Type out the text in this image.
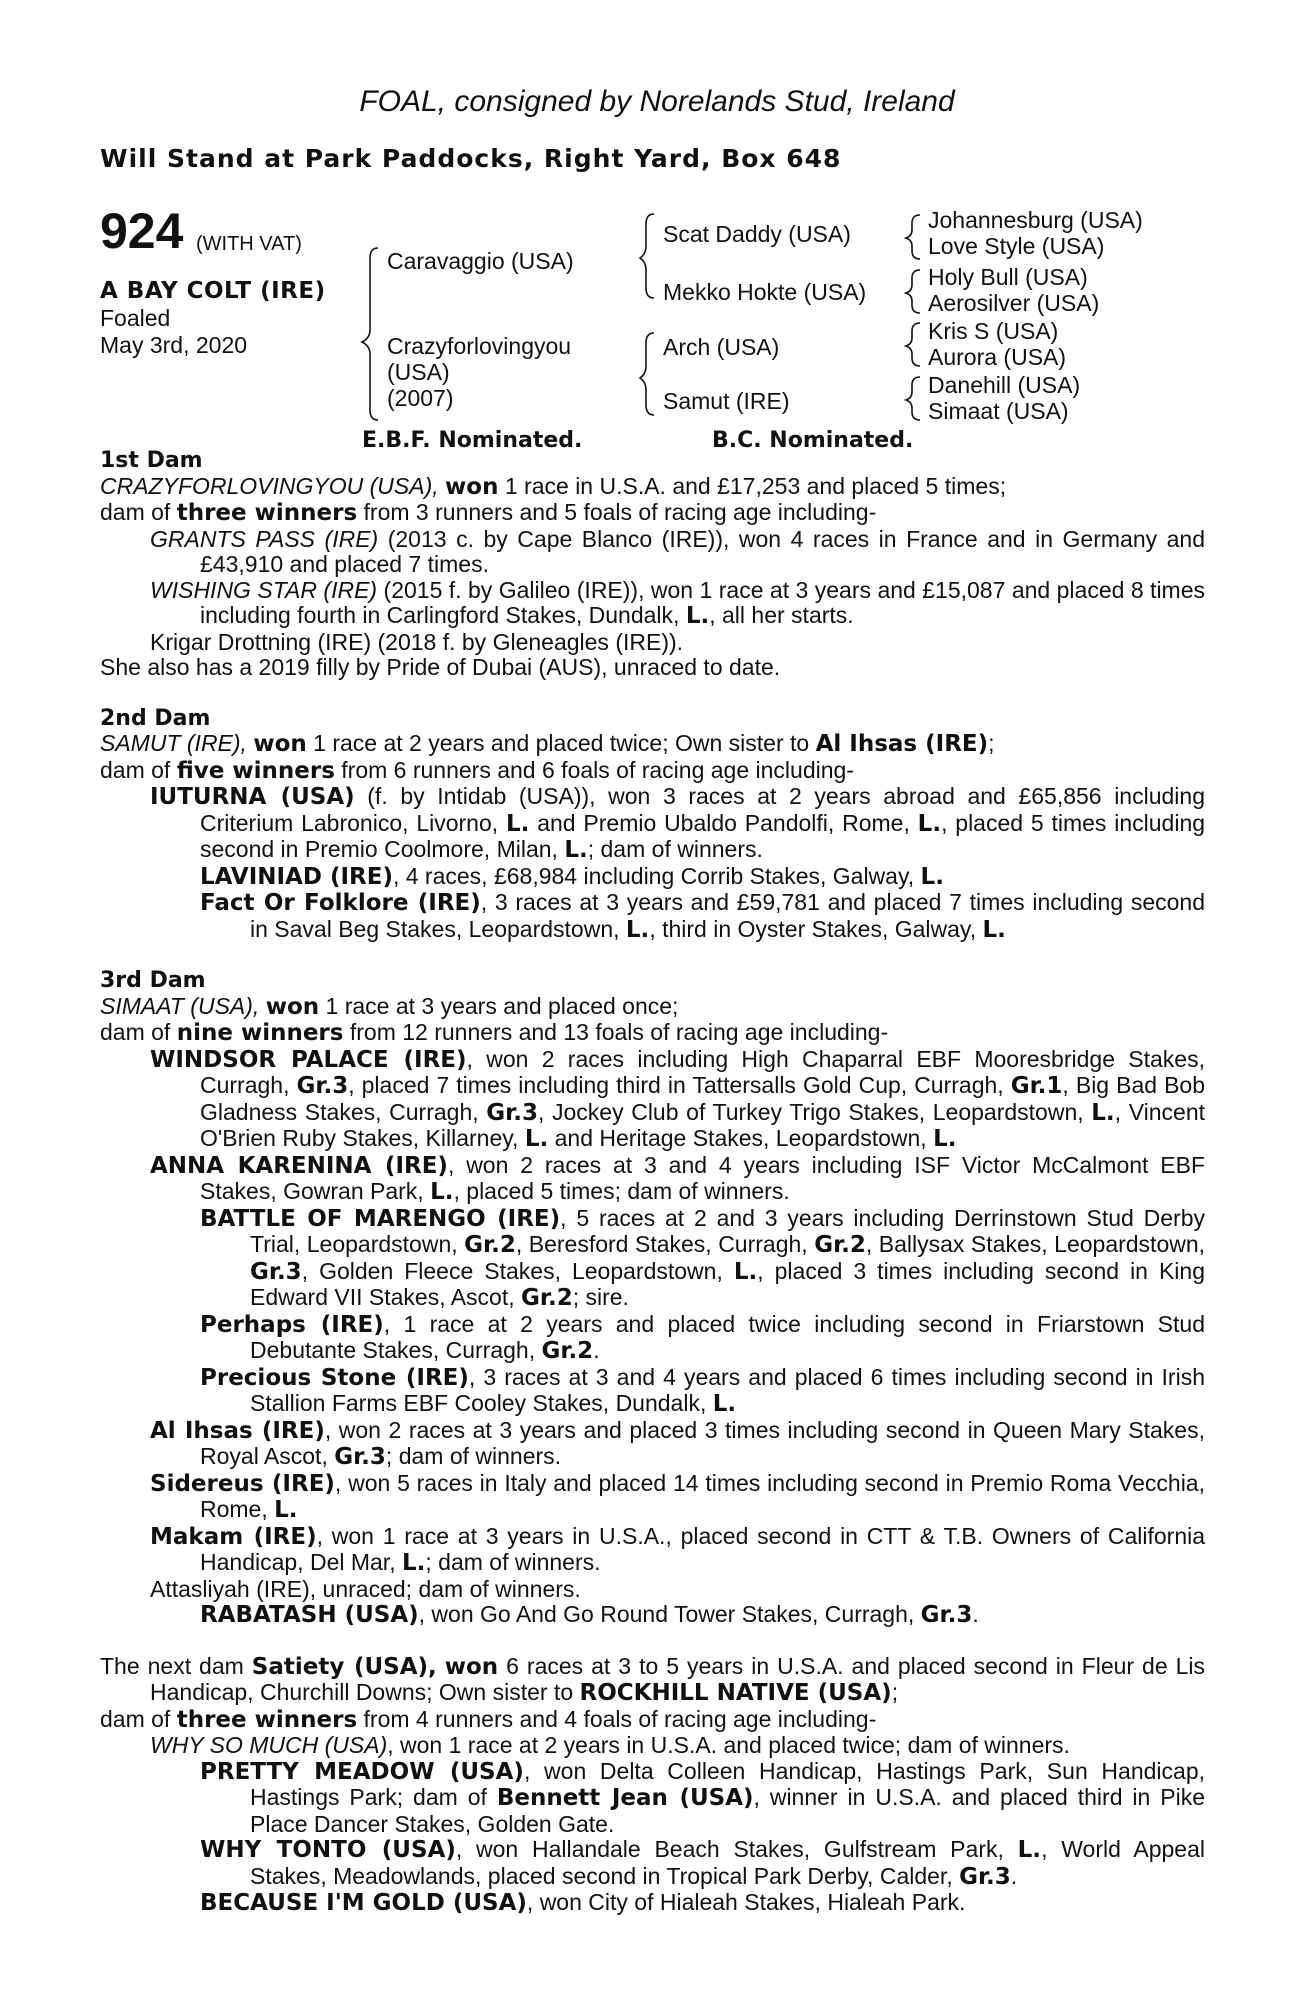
FOAL, consigned by Norelands Stud, Ireland
Will Stand at Park Paddocks, Right Yard, Box 648
924 (WITH VAT)
A BAY COLT (IRE)
Foaled
May 3rd, 2020
Caravaggio (USA)
Crazyforlovingyou
(USA)
(2007)
Scat Daddy (USA)
Mekko Hokte (USA)
Arch (USA)
Samut (IRE)
Johannesburg (USA)
Love Style (USA)
Holy Bull (USA)
Aerosilver (USA)
Kris S (USA)
Aurora (USA)
Danehill (USA)
Simaat (USA)
E.B.F. Nominated.	B.C. Nominated.
1st Dam
CRAZYFORLOVINGYOU (USA), won 1 race in U.S.A. and £17,253 and placed 5 times;
dam of three winners from 3 runners and 5 foals of racing age including-
GRANTS PASS (IRE) (2013 c. by Cape Blanco (IRE)), won 4 races in France and in Germany and £43,910 and placed 7 times.
WISHING STAR (IRE) (2015 f. by Galileo (IRE)), won 1 race at 3 years and £15,087 and placed 8 times including fourth in Carlingford Stakes, Dundalk, L., all her starts.
Krigar Drottning (IRE) (2018 f. by Gleneagles (IRE)).
She also has a 2019 filly by Pride of Dubai (AUS), unraced to date.
2nd Dam
SAMUT (IRE), won 1 race at 2 years and placed twice; Own sister to Al Ihsas (IRE);
dam of five winners from 6 runners and 6 foals of racing age including-
IUTURNA (USA) (f. by Intidab (USA)), won 3 races at 2 years abroad and £65,856 including Criterium Labronico, Livorno, L. and Premio Ubaldo Pandolfi, Rome, L., placed 5 times including second in Premio Coolmore, Milan, L.; dam of winners.
LAVINIAD (IRE), 4 races, £68,984 including Corrib Stakes, Galway, L.
Fact Or Folklore (IRE), 3 races at 3 years and £59,781 and placed 7 times including second in Saval Beg Stakes, Leopardstown, L., third in Oyster Stakes, Galway, L.
3rd Dam
SIMAAT (USA), won 1 race at 3 years and placed once;
dam of nine winners from 12 runners and 13 foals of racing age including-
WINDSOR PALACE (IRE), won 2 races including High Chaparral EBF Mooresbridge Stakes, Curragh, Gr.3, placed 7 times including third in Tattersalls Gold Cup, Curragh, Gr.1, Big Bad Bob Gladness Stakes, Curragh, Gr.3, Jockey Club of Turkey Trigo Stakes, Leopardstown, L., Vincent O'Brien Ruby Stakes, Killarney, L. and Heritage Stakes, Leopardstown, L.
ANNA KARENINA (IRE), won 2 races at 3 and 4 years including ISF Victor McCalmont EBF Stakes, Gowran Park, L., placed 5 times; dam of winners.
BATTLE OF MARENGO (IRE), 5 races at 2 and 3 years including Derrinstown Stud Derby Trial, Leopardstown, Gr.2, Beresford Stakes, Curragh, Gr.2, Ballysax Stakes, Leopardstown, Gr.3, Golden Fleece Stakes, Leopardstown, L., placed 3 times including second in King Edward VII Stakes, Ascot, Gr.2; sire.
Perhaps (IRE), 1 race at 2 years and placed twice including second in Friarstown Stud Debutante Stakes, Curragh, Gr.2.
Precious Stone (IRE), 3 races at 3 and 4 years and placed 6 times including second in Irish Stallion Farms EBF Cooley Stakes, Dundalk, L.
Al Ihsas (IRE), won 2 races at 3 years and placed 3 times including second in Queen Mary Stakes, Royal Ascot, Gr.3; dam of winners.
Sidereus (IRE), won 5 races in Italy and placed 14 times including second in Premio Roma Vecchia, Rome, L.
Makam (IRE), won 1 race at 3 years in U.S.A., placed second in CTT & T.B. Owners of California Handicap, Del Mar, L.; dam of winners.
Attasliyah (IRE), unraced; dam of winners.
RABATASH (USA), won Go And Go Round Tower Stakes, Curragh, Gr.3.
The next dam Satiety (USA), won 6 races at 3 to 5 years in U.S.A. and placed second in Fleur de Lis Handicap, Churchill Downs; Own sister to ROCKHILL NATIVE (USA);
dam of three winners from 4 runners and 4 foals of racing age including-
WHY SO MUCH (USA), won 1 race at 2 years in U.S.A. and placed twice; dam of winners.
PRETTY MEADOW (USA), won Delta Colleen Handicap, Hastings Park, Sun Handicap, Hastings Park; dam of Bennett Jean (USA), winner in U.S.A. and placed third in Pike Place Dancer Stakes, Golden Gate.
WHY TONTO (USA), won Hallandale Beach Stakes, Gulfstream Park, L., World Appeal Stakes, Meadowlands, placed second in Tropical Park Derby, Calder, Gr.3.
BECAUSE I'M GOLD (USA), won City of Hialeah Stakes, Hialeah Park.
